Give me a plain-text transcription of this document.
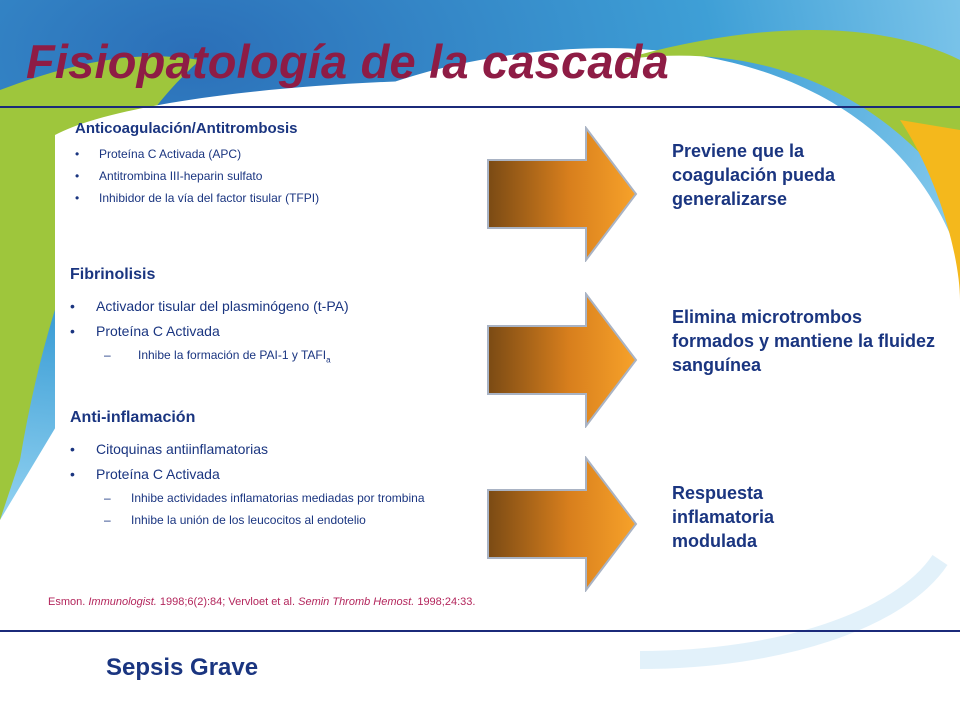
Fisiopatología de la cascada
Anticoagulación/Antitrombosis
• Proteína C Activada (APC)
• Antitrombina III-heparin sulfato
• Inhibidor de la vía del factor tisular (TFPI)
Fibrinolisis
• Activador tisular del plasminógeno (t-PA)
• Proteína C Activada
– Inhibe la formación de PAI-1 y $TAFI_a$
Anti-inflamación
• Citoquinas antiinflamatorias
• Proteína C Activada
– Inhibe actividades inflamatorias mediadas por trombina
– Inhibe la unión de los leucocitos al endotelio
Previene que la coagulación pueda generalizarse
Elimina microtrombos formados y mantiene la fluidez sanguínea
Respuesta inflamatoria modulada
Esmon. Immunologist. 1998;6(2):84; Vervloet et al. Semin Thromb Hemost. 1998;24:33.
Sepsis Grave
